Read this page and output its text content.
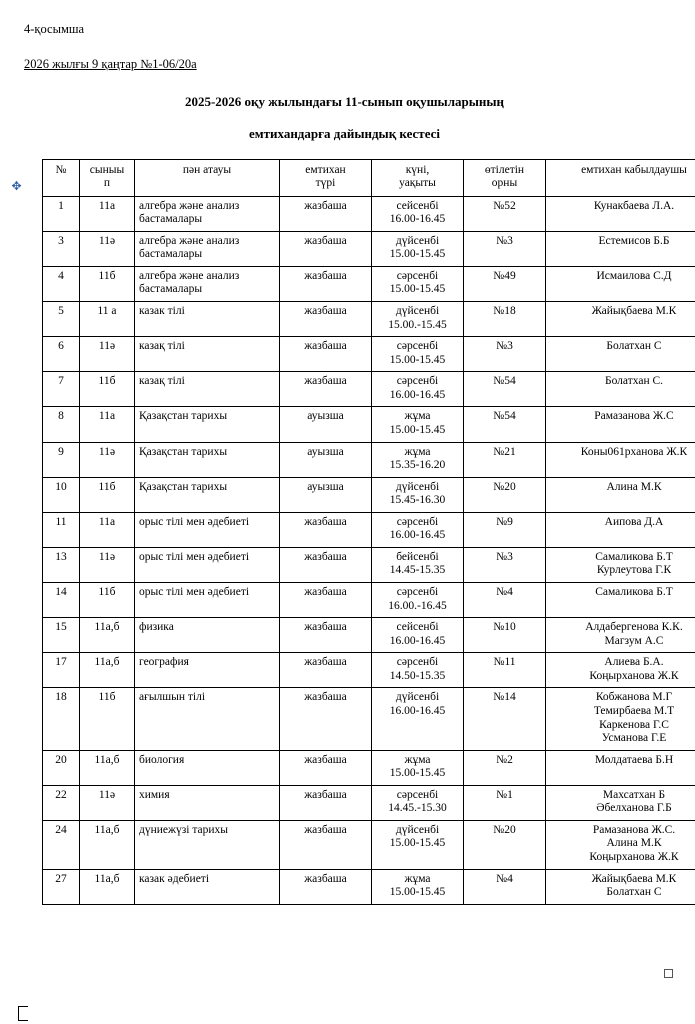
4-қосымша
2026 жылғы 9 қаңтар №1-06/20а
2025-2026 оқу жылындағы 11-сынып оқушыларының
емтихандарға дайындық кестесі
✥
№	сыныы
п	пән атауы	емтихан
түрі	күні,
уақыты	өтілетін
орны	емтихан кабылдаушы
1	11а	алгебра және анализ бастамалары	жазбаша	сейсенбі
16.00-16.45	№52	Кунакбаева Л.А.

3	11ә	алгебра және анализ бастамалары	жазбаша	дүйсенбі
15.00-15.45	№3	Естемисов Б.Б

4	11б	алгебра және анализ бастамалары	жазбаша	сәрсенбі
15.00-15.45	№49	Исмаилова С.Д

5	11 а	казак тілі	жазбаша	дүйсенбі
15.00.-15.45	№18	Жайықбаева М.К

6	11ә	казақ тілі	жазбаша	сәрсенбі
15.00-15.45	№3	Болатхан С

7	11б	казақ тілі	жазбаша	сәрсенбі
16.00-16.45	№54	Болатхан С.

8	11а	Қазақстан тарихы	ауызша	жұма
15.00-15.45	№54	Рамазанова Ж.С

9	11ә	Қазақстан тарихы	ауызша	жұма
15.35-16.20	№21	Коны061рханова Ж.К

10	11б	Қазақстан тарихы	ауызша	дүйсенбі
15.45-16.30	№20	Алина М.К

11	11а	орыс тілі мен әдебиеті	жазбаша	сәрсенбі
16.00-16.45	№9	Аипова Д.А

13	11ә	орыс тілі мен әдебиеті	жазбаша	бейсенбі
14.45-15.35	№3	Самаликова Б.Т
Курлеутова Г.К

14	11б	орыс тілі мен әдебиеті	жазбаша	сәрсенбі
16.00.-16.45	№4	Самаликова Б.Т

15	11а,б	физика	жазбаша	сейсенбі
16.00-16.45	№10	Алдабергенова К.К.
Магзум А.С

17	11а,б	география	жазбаша	сәрсенбі
14.50-15.35	№11	Алиева Б.А.
Коңырханова Ж.К

18	11б	ағылшын тілі	жазбаша	дүйсенбі
16.00-16.45	№14	Кобжанова М.Г
Темирбаева М.Т
Каркенова Г.С
Усманова Г.Е

20	11а,б	биология	жазбаша	жұма
15.00-15.45	№2	Молдатаева Б.Н

22	11ә	химия	жазбаша	сәрсенбі
14.45.-15.30	№1	Махсатхан Б
Әбелханова Г.Б

24	11а,б	дүниежүзі тарихы	жазбаша	дүйсенбі
15.00-15.45	№20	Рамазанова Ж.С.
Алина М.К
Коңырханова Ж.К

27	11а,б	казак әдебиеті	жазбаша	жұма
15.00-15.45	№4	Жайықбаева М.К
Болатхан С
